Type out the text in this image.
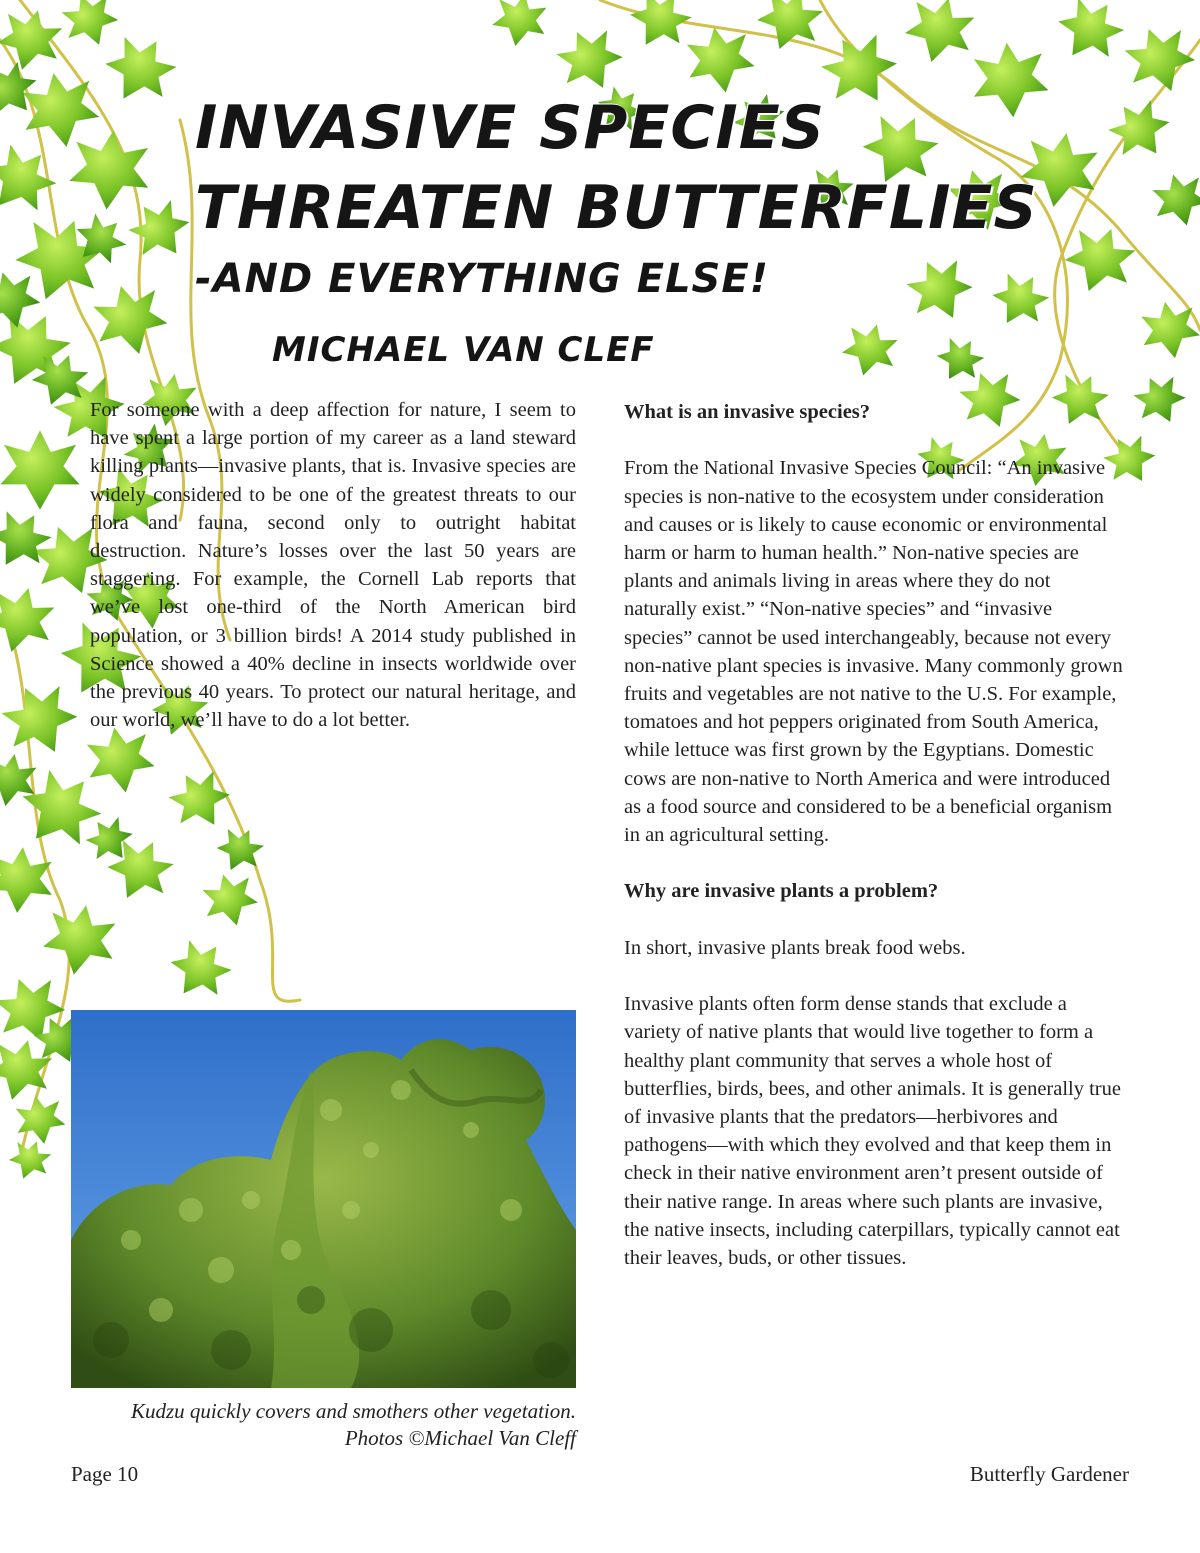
INVASIVE SPECIES
THREATEN BUTTERFLIES
-AND EVERYTHING ELSE!
MICHAEL VAN CLEF
For someone with a deep affection for nature, I seem to have spent a large portion of my career as a land steward killing plants—invasive plants, that is. Invasive species are widely considered to be one of the greatest threats to our flora and fauna, second only to outright habitat destruction. Nature’s losses over the last 50 years are staggering. For example, the Cornell Lab reports that we’ve lost one-third of the North American bird population, or 3 billion birds! A 2014 study published in Science showed a 40% decline in insects worldwide over the previous 40 years. To protect our natural heritage, and our world, we’ll have to do a lot better.
What is an invasive species?

From the National Invasive Species Council: “An invasive species is non-native to the ecosystem under consideration and causes or is likely to cause economic or environmental harm or harm to human health.” Non-native species are plants and animals living in areas where they do not naturally exist.” “Non-native species” and “invasive species” cannot be used interchangeably, because not every non-native plant species is invasive. Many commonly grown fruits and vegetables are not native to the U.S. For example, tomatoes and hot peppers originated from South America, while lettuce was first grown by the Egyptians. Domestic cows are non-native to North America and were introduced as a food source and considered to be a beneficial organism in an agricultural setting.

Why are invasive plants a problem?

In short, invasive plants break food webs.

Invasive plants often form dense stands that exclude a variety of native plants that would live together to form a healthy plant community that serves a whole host of butterflies, birds, bees, and other animals. It is generally true of invasive plants that the predators—herbivores and pathogens—with which they evolved and that keep them in check in their native environment aren’t present outside of their native range. In areas where such plants are invasive, the native insects, including caterpillars, typically cannot eat their leaves, buds, or other tissues.

Kudzu quickly covers and smothers other vegetation.
Photos ©Michael Van Cleff
Page 10	Butterfly Gardener
